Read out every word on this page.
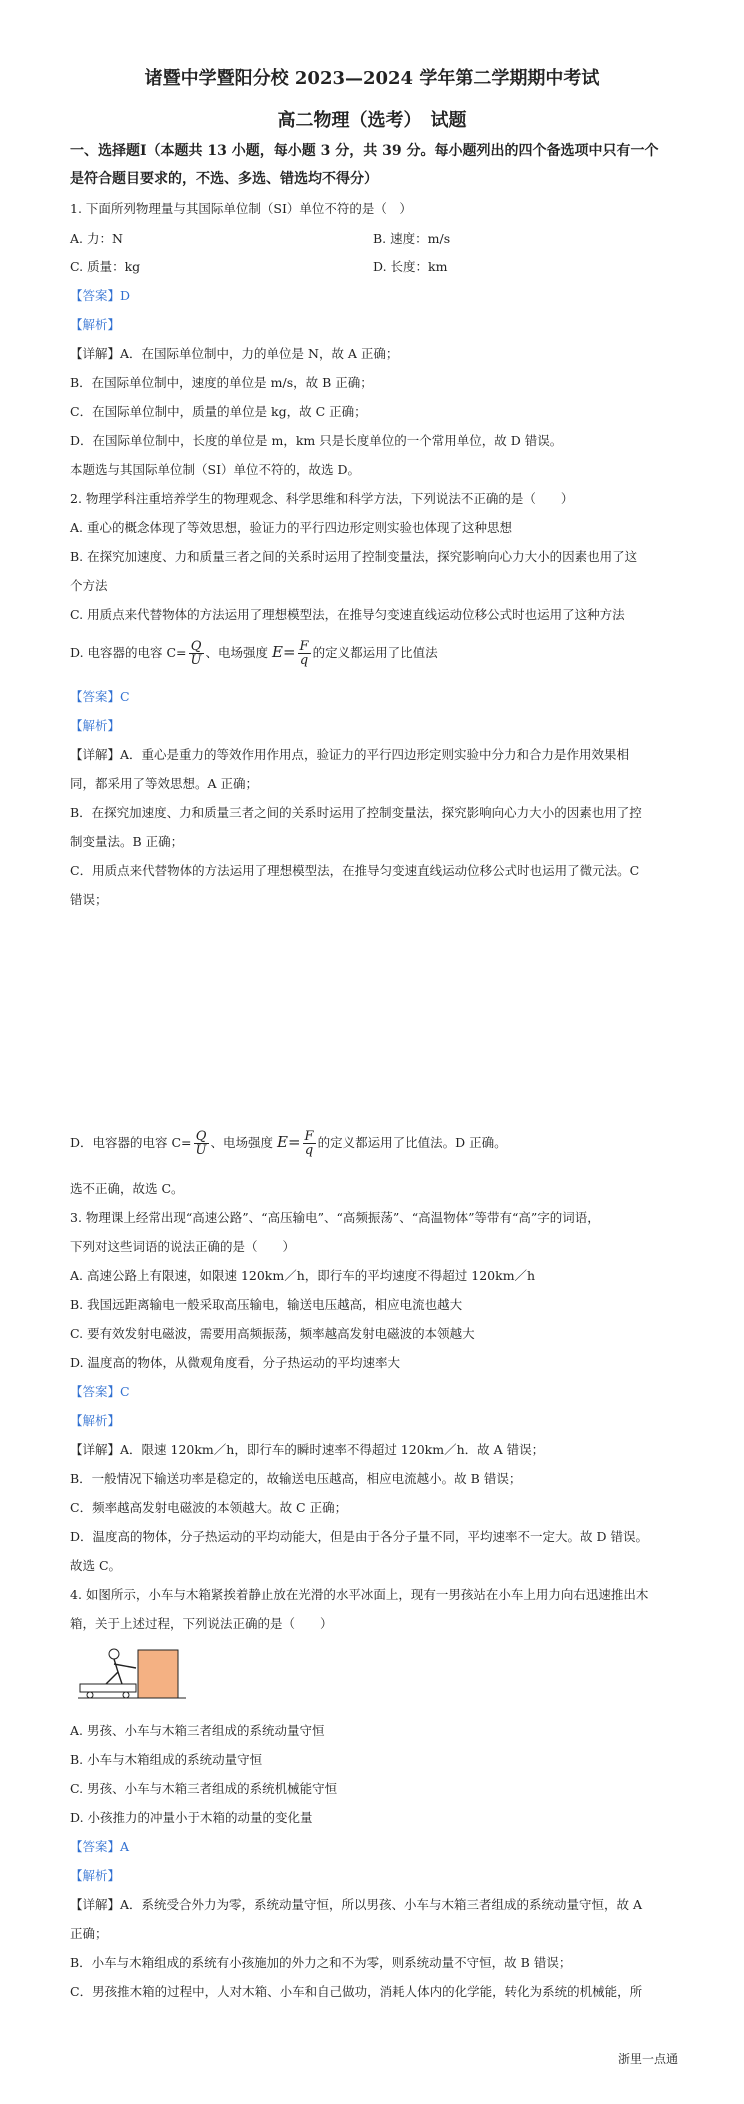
诸暨中学暨阳分校 2023—2024 学年第二学期期中考试
高二物理（选考）　试题
一、选择题Ⅰ（本题共 13 小题，每小题 3 分，共 39 分。每小题列出的四个备选项中只有一个
是符合题目要求的，不选、多选、错选均不得分）
1. 下面所列物理量与其国际单位制（SI）单位不符的是（　）
A. 力：N	B. 速度：m/s
C. 质量：kg	D. 长度：km
【答案】D
【解析】
【详解】A．在国际单位制中，力的单位是 N，故 A 正确；
B．在国际单位制中，速度的单位是 m/s，故 B 正确；
C．在国际单位制中，质量的单位是 kg，故 C 正确；
D．在国际单位制中，长度的单位是 m，km 只是长度单位的一个常用单位，故 D 错误。
本题选与其国际单位制（SI）单位不符的，故选 D。
2. 物理学科注重培养学生的物理观念、科学思维和科学方法，下列说法不正确的是（　　）
A. 重心的概念体现了等效思想，验证力的平行四边形定则实验也体现了这种思想
B. 在探究加速度、力和质量三者之间的关系时运用了控制变量法，探究影响向心力大小的因素也用了这
个方法
C. 用质点来代替物体的方法运用了理想模型法，在推导匀变速直线运动位移公式时也运用了这种方法
D. 电容器的电容 $C= \frac{Q}{U}$ 、电场强度 $E= \frac{F}{q}$ 的定义都运用了比值法
【答案】C
【解析】
【详解】A．重心是重力的等效作用作用点，验证力的平行四边形定则实验中分力和合力是作用效果相
同，都采用了等效思想。A 正确；
B．在探究加速度、力和质量三者之间的关系时运用了控制变量法，探究影响向心力大小的因素也用了控
制变量法。B 正确；
C．用质点来代替物体的方法运用了理想模型法，在推导匀变速直线运动位移公式时也运用了微元法。C
错误；
D．电容器的电容 $C= \frac{Q}{U}$ 、电场强度 $E= \frac{F}{q}$ 的定义都运用了比值法。D 正确。
选不正确，故选 C。
3. 物理课上经常出现“高速公路”、“高压输电”、“高频振荡”、“高温物体”等带有“高”字的词语，
下列对这些词语的说法正确的是（　　）
A. 高速公路上有限速，如限速 120km／h，即行车的平均速度不得超过 120km／h
B. 我国远距离输电一般采取高压输电，输送电压越高，相应电流也越大
C. 要有效发射电磁波，需要用高频振荡，频率越高发射电磁波的本领越大
D. 温度高的物体，从微观角度看，分子热运动的平均速率大
【答案】C
【解析】
【详解】A．限速 120km／h，即行车的瞬时速率不得超过 120km／h．故 A 错误；
B．一般情况下输送功率是稳定的，故输送电压越高，相应电流越小。故 B 错误；
C．频率越高发射电磁波的本领越大。故 C 正确；
D．温度高的物体，分子热运动的平均动能大，但是由于各分子量不同，平均速率不一定大。故 D 错误。
故选 C。
4. 如图所示，小车与木箱紧挨着静止放在光滑的水平冰面上，现有一男孩站在小车上用力向右迅速推出木
箱，关于上述过程，下列说法正确的是（　　）
A. 男孩、小车与木箱三者组成的系统动量守恒
B. 小车与木箱组成的系统动量守恒
C. 男孩、小车与木箱三者组成的系统机械能守恒
D. 小孩推力的冲量小于木箱的动量的变化量
【答案】A
【解析】
【详解】A．系统受合外力为零，系统动量守恒，所以男孩、小车与木箱三者组成的系统动量守恒，故 A
正确；
B．小车与木箱组成的系统有小孩施加的外力之和不为零，则系统动量不守恒，故 B 错误；
C．男孩推木箱的过程中，人对木箱、小车和自己做功，消耗人体内的化学能，转化为系统的机械能，所
浙里一点通
